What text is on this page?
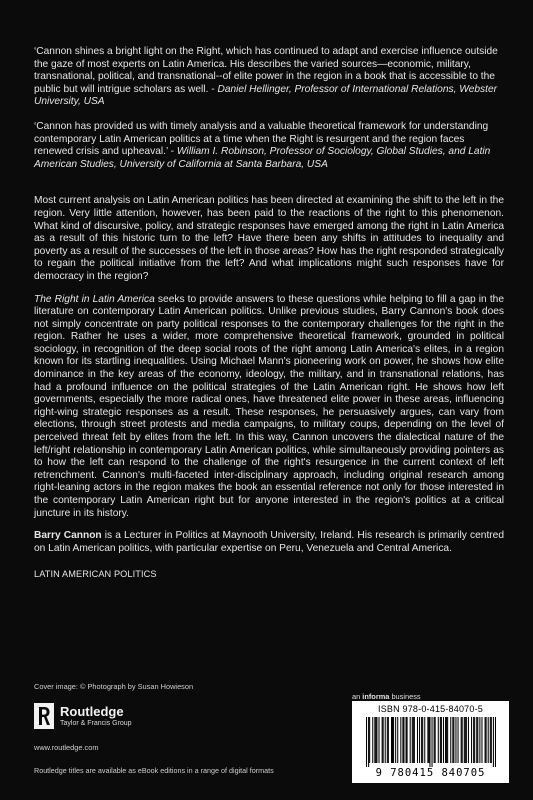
‘Cannon shines a bright light on the Right, which has continued to adapt and exercise influence outside the gaze of most experts on Latin America. His describes the varied sources—economic, military, transnational, political, and transnational--of elite power in the region in a book that is accessible to the public but will intrigue scholars as well. - Daniel Hellinger, Professor of International Relations, Webster University, USA

‘Cannon has provided us with timely analysis and a valuable theoretical framework for understanding contemporary Latin American politics at a time when the Right is resurgent and the region faces renewed crisis and upheaval.’ - William I. Robinson, Professor of Sociology, Global Studies, and Latin American Studies, University of California at Santa Barbara, USA

Most current analysis on Latin American politics has been directed at examining the shift to the left in the region. Very little attention, however, has been paid to the reactions of the right to this phenomenon. What kind of discursive, policy, and strategic responses have emerged among the right in Latin America as a result of this historic turn to the left? Have there been any shifts in attitudes to inequality and poverty as a result of the successes of the left in those areas? How has the right responded strategically to regain the political initiative from the left? And what implications might such responses have for democracy in the region?

The Right in Latin America seeks to provide answers to these questions while helping to fill a gap in the literature on contemporary Latin American politics. Unlike previous studies, Barry Cannon's book does not simply concentrate on party political responses to the contemporary challenges for the right in the region. Rather he uses a wider, more comprehensive theoretical framework, grounded in political sociology, in recognition of the deep social roots of the right among Latin America's elites, in a region known for its startling inequalities. Using Michael Mann's pioneering work on power, he shows how elite dominance in the key areas of the economy, ideology, the military, and in transnational relations, has had a profound influence on the political strategies of the Latin American right. He shows how left governments, especially the more radical ones, have threatened elite power in these areas, influencing right-wing strategic responses as a result. These responses, he persuasively argues, can vary from elections, through street protests and media campaigns, to military coups, depending on the level of perceived threat felt by elites from the left. In this way, Cannon uncovers the dialectical nature of the left/right relationship in contemporary Latin American politics, while simultaneously providing pointers as to how the left can respond to the challenge of the right's resurgence in the current context of left retrenchment. Cannon's multi-faceted inter-disciplinary approach, including original research among right-leaning actors in the region makes the book an essential reference not only for those interested in the contemporary Latin American right but for anyone interested in the region's politics at a critical juncture in its history.

Barry Cannon is a Lecturer in Politics at Maynooth University, Ireland. His research is primarily centred on Latin American politics, with particular expertise on Peru, Venezuela and Central America.

LATIN AMERICAN POLITICS
Cover image: © Photograph by Susan Howieson
an informa business
Routledge
Taylor & Francis Group
www.routledge.com
Routledge titles are available as eBook editions in a range of digital formats
ISBN 978-0-415-84070-5
9 780415 840705
